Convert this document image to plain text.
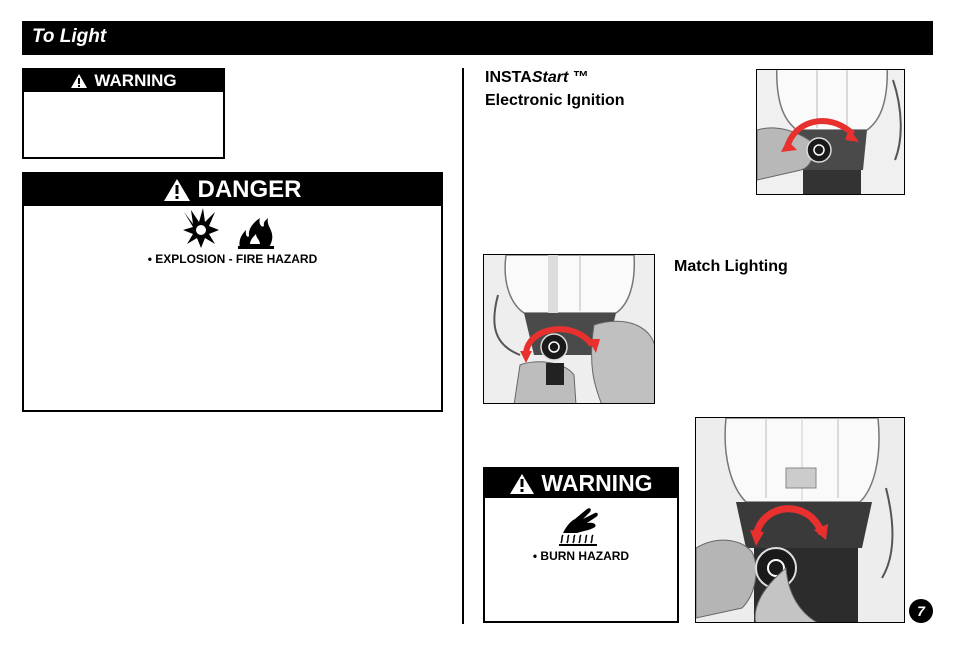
To Light
WARNING
DANGER
• EXPLOSION - FIRE HAZARD
INSTAStart ™
Electronic Ignition
Match Lighting
WARNING
• BURN HAZARD
7
